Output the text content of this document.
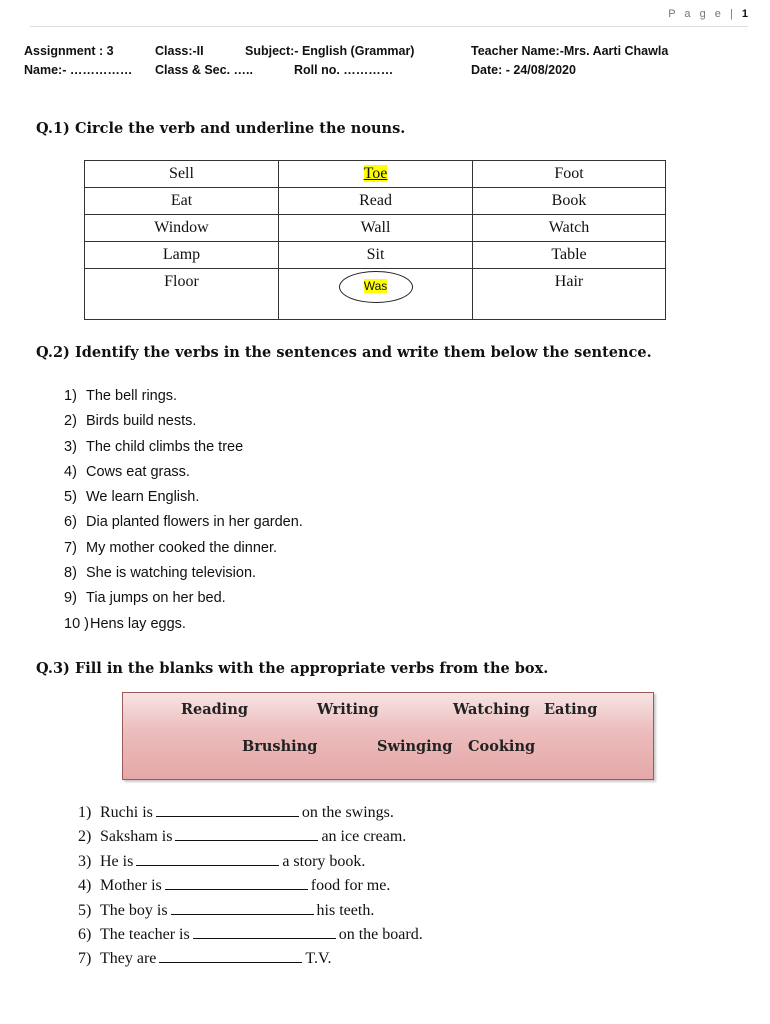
P a g e | 1
Assignment : 3	Class:-II	Subject:- English (Grammar)	Teacher Name:-Mrs. Aarti Chawla
Name:- …………… Class & Sec. …..	Roll no. …………	Date: - 24/08/2020
Q.1) Circle the verb and underline the nouns.
Sell	Toe	Foot
Eat	Read	Book
Window	Wall	Watch
Lamp	Sit	Table
Floor	Was	Hair
Q.2) Identify the verbs in the sentences and write them below the sentence.
1) The bell rings.
2) Birds build nests.
3) The child climbs the tree
4) Cows eat grass.
5) We learn English.
6) Dia planted flowers in her garden.
7) My mother cooked the dinner.
8) She is watching television.
9) Tia jumps on her bed.
10 )Hens lay eggs.
Q.3) Fill in the blanks with the appropriate verbs from the box.
Reading	Writing	Watching Eating
Brushing	Swinging Cooking
1) Ruchi is	on the swings.
2) Saksham is	an ice cream.
3) He is	a story book.
4) Mother is	food for me.
5) The boy is	his teeth.
6) The teacher is	on the board.
7) They are	T.V.
